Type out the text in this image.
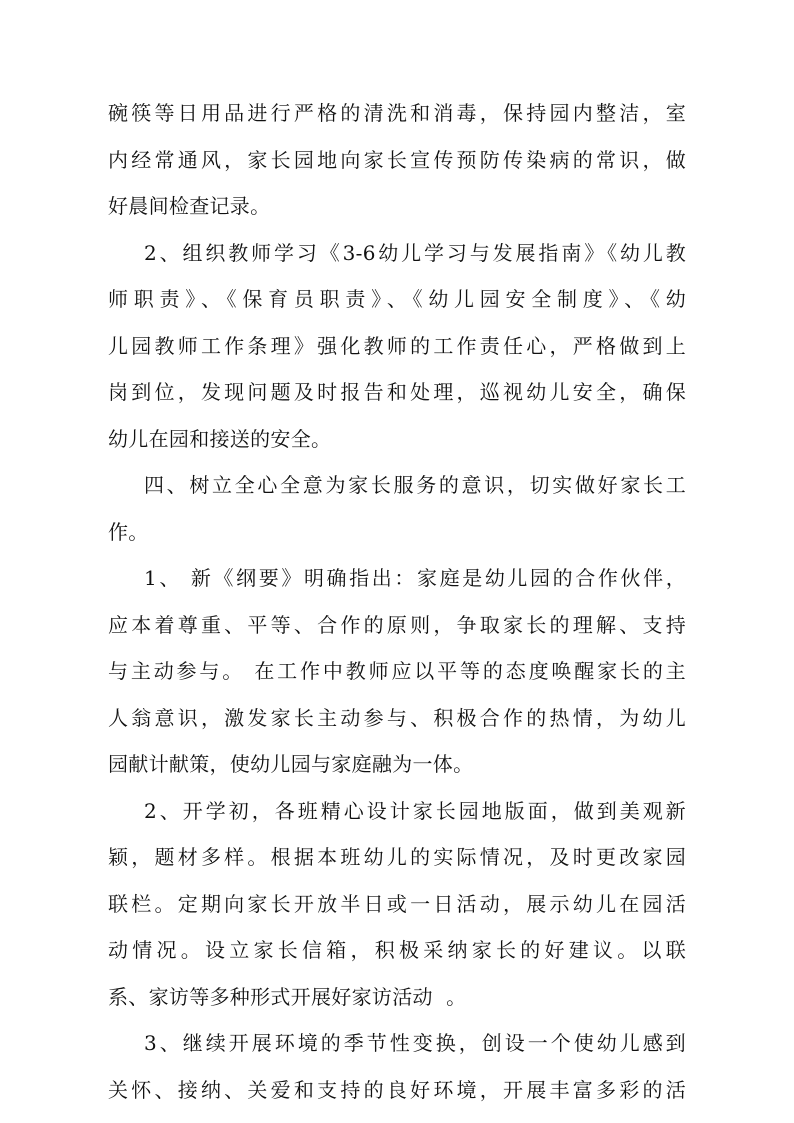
碗筷等日用品进行严格的清洗和消毒，保持园内整洁，室
内经常通风，家长园地向家长宣传预防传染病的常识，做
好晨间检查记录。
2、组织教师学习《3-6幼儿学习与发展指南》《幼儿教
师职责》、《保育员职责》、《幼儿园安全制度》、《幼
儿园教师工作条理》强化教师的工作责任心，严格做到上
岗到位，发现问题及时报告和处理，巡视幼儿安全，确保
幼儿在园和接送的安全。
四、树立全心全意为家长服务的意识，切实做好家长工
作。
1、 新《纲要》明确指出：家庭是幼儿园的合作伙伴，
应本着尊重、平等、合作的原则，争取家长的理解、支持
与主动参与。 在工作中教师应以平等的态度唤醒家长的主
人翁意识，激发家长主动参与、积极合作的热情，为幼儿
园献计献策，使幼儿园与家庭融为一体。
2、开学初，各班精心设计家长园地版面，做到美观新
颖，题材多样。根据本班幼儿的实际情况，及时更改家园
联栏。定期向家长开放半日或一日活动，展示幼儿在园活
动情况。设立家长信箱，积极采纳家长的好建议。以联
系、家访等多种形式开展好家访活动  。
3、继续开展环境的季节性变换，创设一个使幼儿感到
关怀、接纳、关爱和支持的良好环境，开展丰富多彩的活
